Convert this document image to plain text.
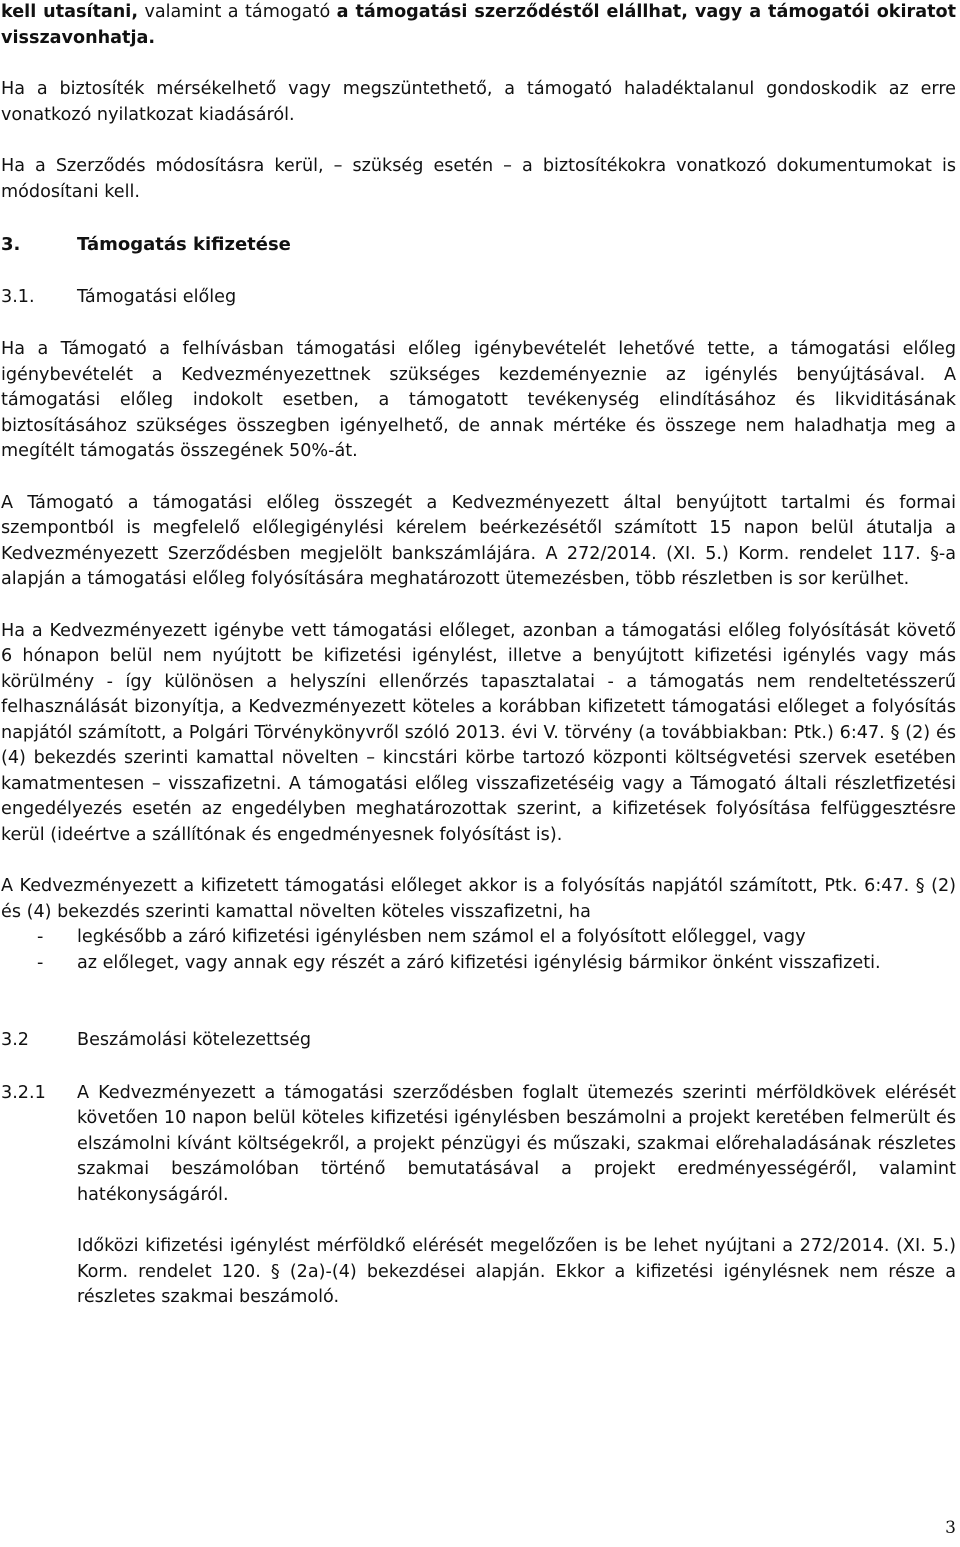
kell utasítani, valamint a támogató a támogatási szerződéstől elállhat, vagy a támogatói okiratot visszavonhatja.

Ha a biztosíték mérsékelhető vagy megszüntethető, a támogató haladéktalanul gondoskodik az erre vonatkozó nyilatkozat kiadásáról.

Ha a Szerződés módosításra kerül, – szükség esetén – a biztosítékokra vonatkozó dokumentumokat is módosítani kell.

3.	Támogatás kifizetése
3.1.	Támogatási előleg

Ha a Támogató a felhívásban támogatási előleg igénybevételét lehetővé tette, a támogatási előleg igénybevételét a Kedvezményezettnek szükséges kezdeményeznie az igénylés benyújtásával. A támogatási előleg indokolt esetben, a támogatott tevékenység elindításához és likviditásának biztosításához szükséges összegben igényelhető, de annak mértéke és összege nem haladhatja meg a megítélt támogatás összegének 50%-át.

A Támogató a támogatási előleg összegét a Kedvezményezett által benyújtott tartalmi és formai szempontból is megfelelő előlegigénylési kérelem beérkezésétől számított 15 napon belül átutalja a Kedvezményezett Szerződésben megjelölt bankszámlájára. A 272/2014. (XI. 5.) Korm. rendelet 117. §-a alapján a támogatási előleg folyósítására meghatározott ütemezésben, több részletben is sor kerülhet.

Ha a Kedvezményezett igénybe vett támogatási előleget, azonban a támogatási előleg folyósítását követő 6 hónapon belül nem nyújtott be kifizetési igénylést, illetve a benyújtott kifizetési igénylés vagy más körülmény - így különösen a helyszíni ellenőrzés tapasztalatai - a támogatás nem rendeltetésszerű felhasználását bizonyítja, a Kedvezményezett köteles a korábban kifizetett támogatási előleget a folyósítás napjától számított, a Polgári Törvénykönyvről szóló 2013. évi V. törvény (a továbbiakban: Ptk.) 6:47. § (2) és (4) bekezdés szerinti kamattal növelten – kincstári körbe tartozó központi költségvetési szervek esetében kamatmentesen – visszafizetni. A támogatási előleg visszafizetéséig vagy a Támogató általi részletfizetési engedélyezés esetén az engedélyben meghatározottak szerint, a kifizetések folyósítása felfüggesztésre kerül (ideértve a szállítónak és engedményesnek folyósítást is).

A Kedvezményezett a kifizetett támogatási előleget akkor is a folyósítás napjától számított, Ptk. 6:47. § (2) és (4) bekezdés szerinti kamattal növelten köteles visszafizetni, ha

-	legkésőbb a záró kifizetési igénylésben nem számol el a folyósított előleggel, vagy
-	az előleget, vagy annak egy részét a záró kifizetési igénylésig bármikor önként visszafizeti.
3.2	Beszámolási kötelezettség
3.2.1	A Kedvezményezett a támogatási szerződésben foglalt ütemezés szerinti mérföldkövek elérését követően 10 napon belül köteles kifizetési igénylésben beszámolni a projekt keretében felmerült és elszámolni kívánt költségekről, a projekt pénzügyi és műszaki, szakmai előrehaladásának részletes szakmai beszámolóban történő bemutatásával a projekt eredményességéről, valamint hatékonyságáról.

Időközi kifizetési igénylést mérföldkő elérését megelőzően is be lehet nyújtani a 272/2014. (XI. 5.) Korm. rendelet 120. § (2a)-(4) bekezdései alapján. Ekkor a kifizetési igénylésnek nem része a részletes szakmai beszámoló.

3
